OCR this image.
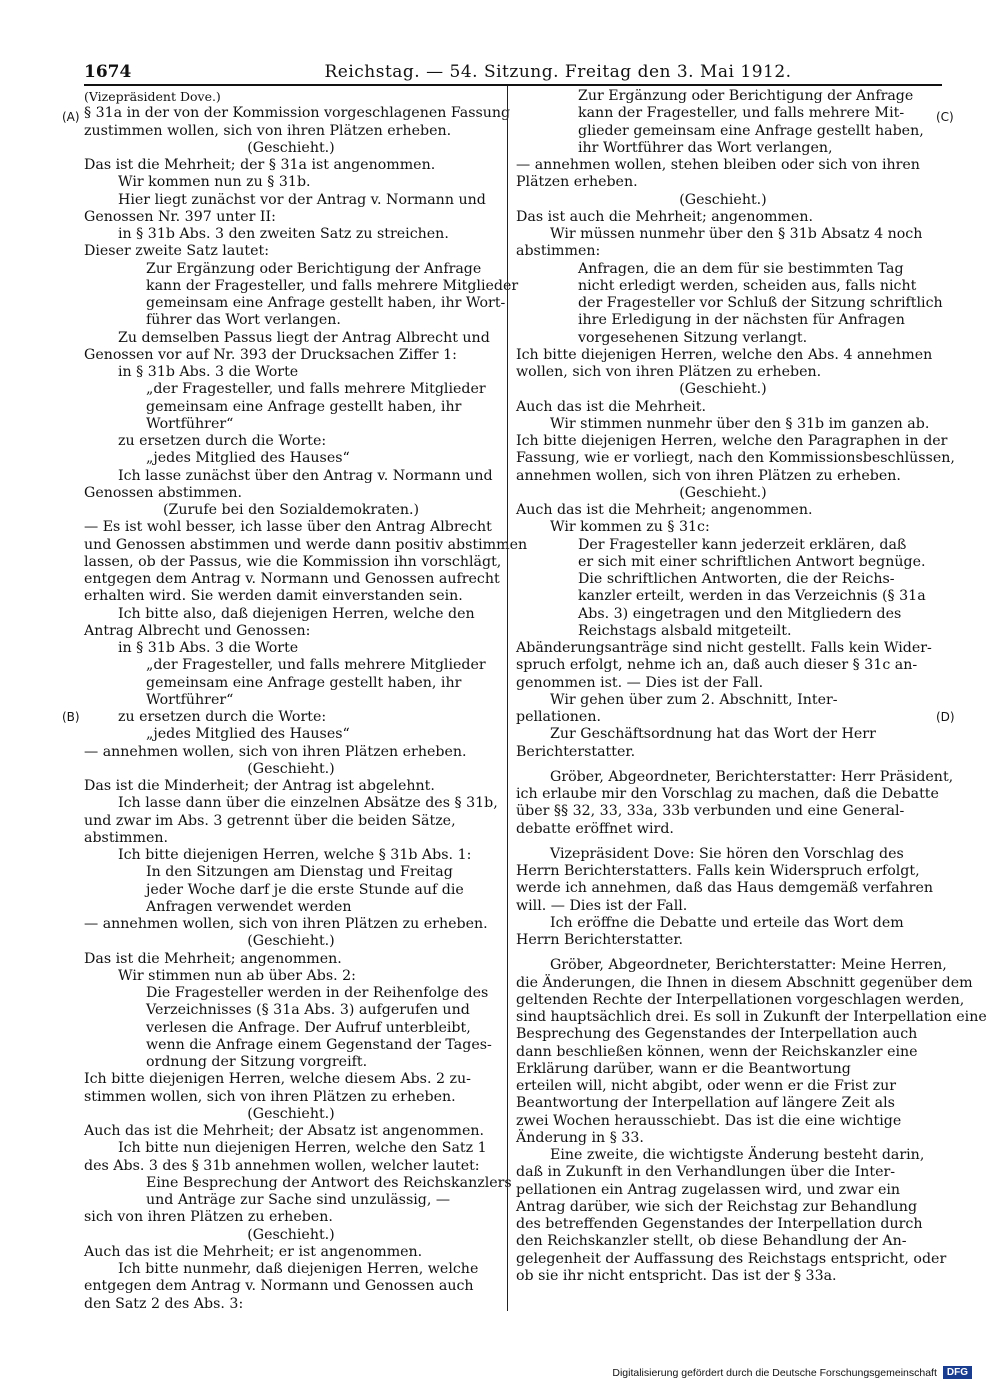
1674	Reichstag. — 54. Sitzung. Freitag den 3. Mai 1912.
(A)
(B)
(C)
(D)
(Vizepräsident Dove.)
§ 31a in der von der Kommission vorgeschlagenen Fassung
zustimmen wollen, sich von ihren Plätzen erheben.
(Geschieht.)
Das ist die Mehrheit; der § 31a ist angenommen.
Wir kommen nun zu § 31b.
Hier liegt zunächst vor der Antrag v. Normann und
Genossen Nr. 397 unter II:
in § 31b Abs. 3 den zweiten Satz zu streichen.
Dieser zweite Satz lautet:
Zur Ergänzung oder Berichtigung der Anfrage
kann der Fragesteller, und falls mehrere Mitglieder
gemeinsam eine Anfrage gestellt haben, ihr Wort-
führer das Wort verlangen.
Zu demselben Passus liegt der Antrag Albrecht und
Genossen vor auf Nr. 393 der Drucksachen Ziffer 1:
in § 31b Abs. 3 die Worte
„der Fragesteller, und falls mehrere Mitglieder
gemeinsam eine Anfrage gestellt haben, ihr
Wortführer“
zu ersetzen durch die Worte:
„jedes Mitglied des Hauses“
Ich lasse zunächst über den Antrag v. Normann und
Genossen abstimmen.
(Zurufe bei den Sozialdemokraten.)
— Es ist wohl besser, ich lasse über den Antrag Albrecht
und Genossen abstimmen und werde dann positiv abstimmen
lassen, ob der Passus, wie die Kommission ihn vorschlägt,
entgegen dem Antrag v. Normann und Genossen aufrecht
erhalten wird. Sie werden damit einverstanden sein.
Ich bitte also, daß diejenigen Herren, welche den
Antrag Albrecht und Genossen:
in § 31b Abs. 3 die Worte
„der Fragesteller, und falls mehrere Mitglieder
gemeinsam eine Anfrage gestellt haben, ihr
Wortführer“
zu ersetzen durch die Worte:
„jedes Mitglied des Hauses“
— annehmen wollen, sich von ihren Plätzen erheben.
(Geschieht.)
Das ist die Minderheit; der Antrag ist abgelehnt.
Ich lasse dann über die einzelnen Absätze des § 31b,
und zwar im Abs. 3 getrennt über die beiden Sätze,
abstimmen.
Ich bitte diejenigen Herren, welche § 31b Abs. 1:
In den Sitzungen am Dienstag und Freitag
jeder Woche darf je die erste Stunde auf die
Anfragen verwendet werden
— annehmen wollen, sich von ihren Plätzen zu erheben.
(Geschieht.)
Das ist die Mehrheit; angenommen.
Wir stimmen nun ab über Abs. 2:
Die Fragesteller werden in der Reihenfolge des
Verzeichnisses (§ 31a Abs. 3) aufgerufen und
verlesen die Anfrage. Der Aufruf unterbleibt,
wenn die Anfrage einem Gegenstand der Tages-
ordnung der Sitzung vorgreift.
Ich bitte diejenigen Herren, welche diesem Abs. 2 zu-
stimmen wollen, sich von ihren Plätzen zu erheben.
(Geschieht.)
Auch das ist die Mehrheit; der Absatz ist angenommen.
Ich bitte nun diejenigen Herren, welche den Satz 1
des Abs. 3 des § 31b annehmen wollen, welcher lautet:
Eine Besprechung der Antwort des Reichskanzlers
und Anträge zur Sache sind unzulässig, —
sich von ihren Plätzen zu erheben.
(Geschieht.)
Auch das ist die Mehrheit; er ist angenommen.
Ich bitte nunmehr, daß diejenigen Herren, welche
entgegen dem Antrag v. Normann und Genossen auch
den Satz 2 des Abs. 3:
Zur Ergänzung oder Berichtigung der Anfrage
kann der Fragesteller, und falls mehrere Mit-
glieder gemeinsam eine Anfrage gestellt haben,
ihr Wortführer das Wort verlangen,
— annehmen wollen, stehen bleiben oder sich von ihren
Plätzen erheben.
(Geschieht.)
Das ist auch die Mehrheit; angenommen.
Wir müssen nunmehr über den § 31b Absatz 4 noch
abstimmen:
Anfragen, die an dem für sie bestimmten Tag
nicht erledigt werden, scheiden aus, falls nicht
der Fragesteller vor Schluß der Sitzung schriftlich
ihre Erledigung in der nächsten für Anfragen
vorgesehenen Sitzung verlangt.
Ich bitte diejenigen Herren, welche den Abs. 4 annehmen
wollen, sich von ihren Plätzen zu erheben.
(Geschieht.)
Auch das ist die Mehrheit.
Wir stimmen nunmehr über den § 31b im ganzen ab.
Ich bitte diejenigen Herren, welche den Paragraphen in der
Fassung, wie er vorliegt, nach den Kommissionsbeschlüssen,
annehmen wollen, sich von ihren Plätzen zu erheben.
(Geschieht.)
Auch das ist die Mehrheit; angenommen.
Wir kommen zu § 31c:
Der Fragesteller kann jederzeit erklären, daß
er sich mit einer schriftlichen Antwort begnüge.
Die schriftlichen Antworten, die der Reichs-
kanzler erteilt, werden in das Verzeichnis (§ 31a
Abs. 3) eingetragen und den Mitgliedern des
Reichstags alsbald mitgeteilt.
Abänderungsanträge sind nicht gestellt. Falls kein Wider-
spruch erfolgt, nehme ich an, daß auch dieser § 31c an-
genommen ist. — Dies ist der Fall.
Wir gehen über zum 2. Abschnitt, Inter-
pellationen.
Zur Geschäftsordnung hat das Wort der Herr
Berichterstatter.
Gröber, Abgeordneter, Berichterstatter: Herr Präsident,
ich erlaube mir den Vorschlag zu machen, daß die Debatte
über §§ 32, 33, 33a, 33b verbunden und eine General-
debatte eröffnet wird.
Vizepräsident Dove: Sie hören den Vorschlag des
Herrn Berichterstatters. Falls kein Widerspruch erfolgt,
werde ich annehmen, daß das Haus demgemäß verfahren
will. — Dies ist der Fall.
Ich eröffne die Debatte und erteile das Wort dem
Herrn Berichterstatter.
Gröber, Abgeordneter, Berichterstatter: Meine Herren,
die Änderungen, die Ihnen in diesem Abschnitt gegenüber dem
geltenden Rechte der Interpellationen vorgeschlagen werden,
sind hauptsächlich drei. Es soll in Zukunft der Interpellation eine
Besprechung des Gegenstandes der Interpellation auch
dann beschließen können, wenn der Reichskanzler eine
Erklärung darüber, wann er die Beantwortung
erteilen will, nicht abgibt, oder wenn er die Frist zur
Beantwortung der Interpellation auf längere Zeit als
zwei Wochen herausschiebt. Das ist die eine wichtige
Änderung in § 33.
Eine zweite, die wichtigste Änderung besteht darin,
daß in Zukunft in den Verhandlungen über die Inter-
pellationen ein Antrag zugelassen wird, und zwar ein
Antrag darüber, wie sich der Reichstag zur Behandlung
des betreffenden Gegenstandes der Interpellation durch
den Reichskanzler stellt, ob diese Behandlung der An-
gelegenheit der Auffassung des Reichstags entspricht, oder
ob sie ihr nicht entspricht. Das ist der § 33a.
Digitalisierung gefördert durch die Deutsche Forschungsgemeinschaft	DFG
